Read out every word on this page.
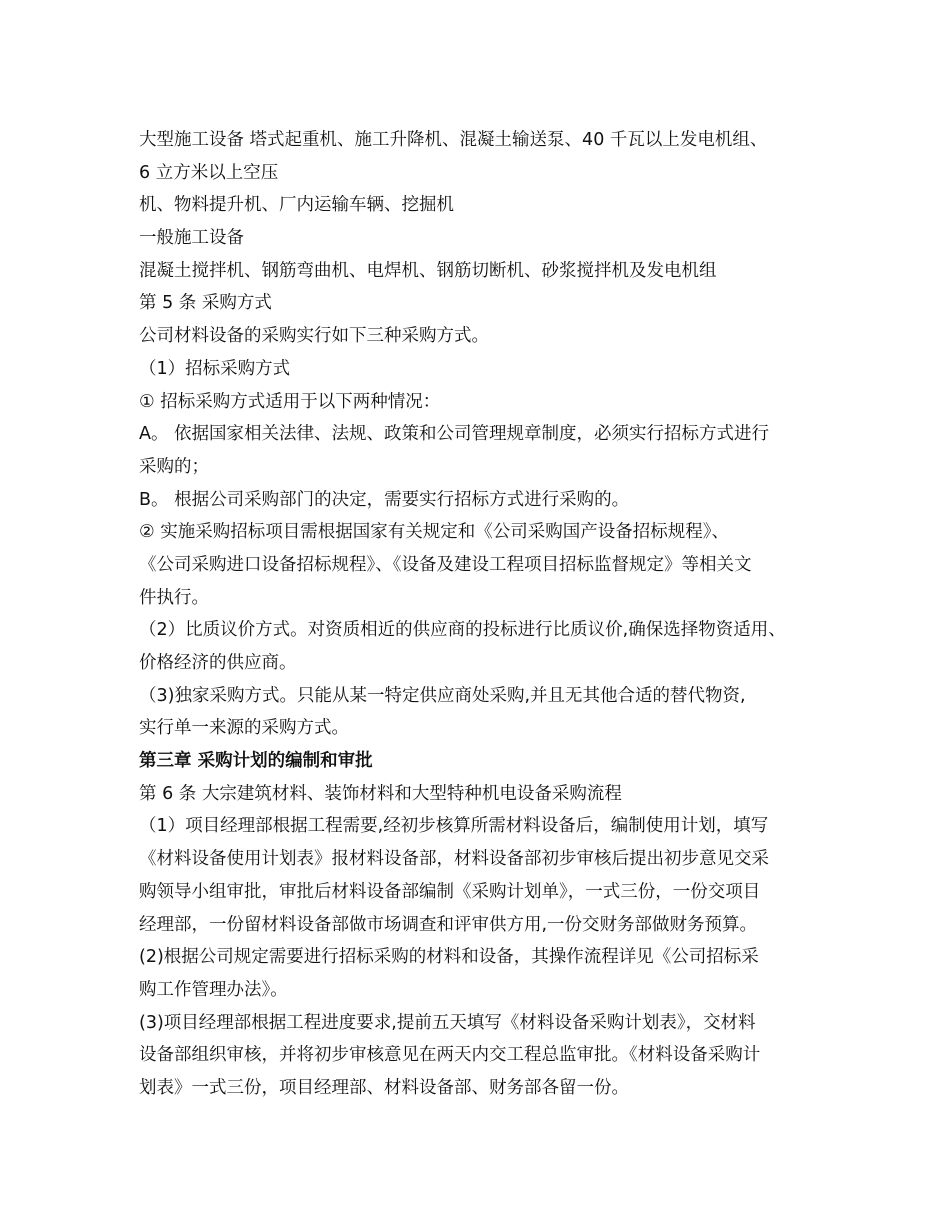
大型施工设备 塔式起重机、施工升降机、混凝土输送泵、40 千瓦以上发电机组、
6 立方米以上空压
机、物料提升机、厂内运输车辆、挖掘机
一般施工设备
混凝土搅拌机、钢筋弯曲机、电焊机、钢筋切断机、砂浆搅拌机及发电机组
第 5 条 采购方式
公司材料设备的采购实行如下三种采购方式。
（1）招标采购方式
① 招标采购方式适用于以下两种情况：
A。 依据国家相关法律、法规、政策和公司管理规章制度，必须实行招标方式进行
采购的；
B。 根据公司采购部门的决定，需要实行招标方式进行采购的。
② 实施采购招标项目需根据国家有关规定和《公司采购国产设备招标规程》、
《公司采购进口设备招标规程》、《设备及建设工程项目招标监督规定》等相关文
件执行。
（2）比质议价方式。对资质相近的供应商的投标进行比质议价,确保选择物资适用、
价格经济的供应商。
（3)独家采购方式。只能从某一特定供应商处采购,并且无其他合适的替代物资,
实行单一来源的采购方式。
第三章 采购计划的编制和审批
第 6 条 大宗建筑材料、装饰材料和大型特种机电设备采购流程
（1）项目经理部根据工程需要,经初步核算所需材料设备后，编制使用计划，填写
《材料设备使用计划表》报材料设备部，材料设备部初步审核后提出初步意见交采
购领导小组审批，审批后材料设备部编制《采购计划单》，一式三份，一份交项目
经理部，一份留材料设备部做市场调查和评审供方用,一份交财务部做财务预算。
(2)根据公司规定需要进行招标采购的材料和设备，其操作流程详见《公司招标采
购工作管理办法》。
(3)项目经理部根据工程进度要求,提前五天填写《材料设备采购计划表》，交材料
设备部组织审核，并将初步审核意见在两天内交工程总监审批。《材料设备采购计
划表》一式三份，项目经理部、材料设备部、财务部各留一份。
